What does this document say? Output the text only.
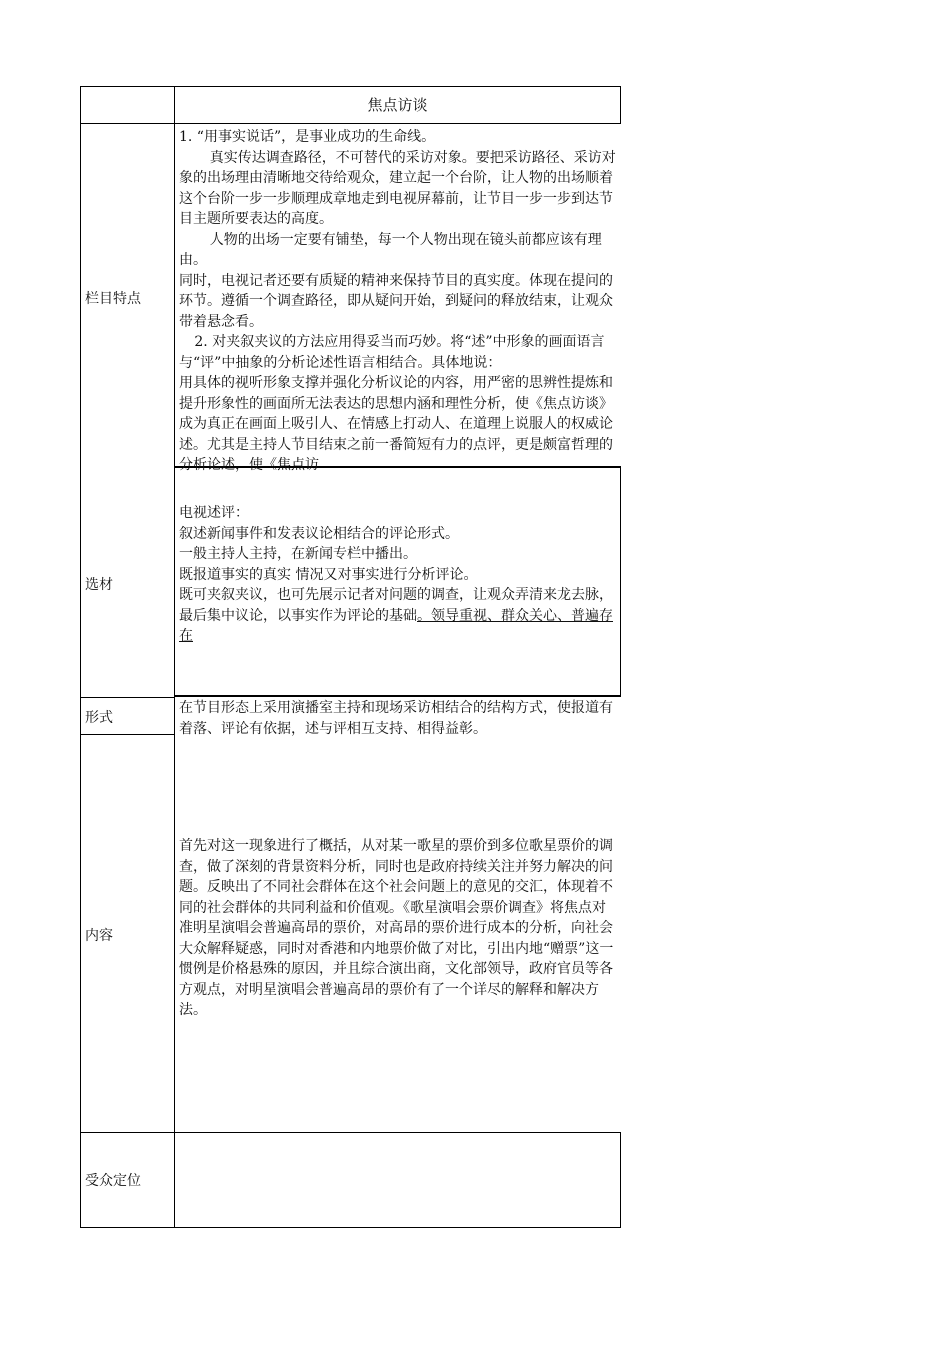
焦点访谈
栏目特点

1. “用事实说话”，是事业成功的生命线。

真实传达调查路径，不可替代的采访对象。要把采访路径、采访对象的出场理由清晰地交待给观众，建立起一个台阶，让人物的出场顺着这个台阶一步一步顺理成章地走到电视屏幕前，让节目一步一步到达节目主题所要表达的高度。

人物的出场一定要有铺垫，每一个人物出现在镜头前都应该有理由。

同时，电视记者还要有质疑的精神来保持节目的真实度。体现在提问的环节。遵循一个调查路径，即从疑问开始，到疑问的释放结束，让观众带着悬念看。

2. 对夹叙夹议的方法应用得妥当而巧妙。将“述”中形象的画面语言与“评”中抽象的分析论述性语言相结合。具体地说：

用具体的视听形象支撑并强化分析议论的内容，用严密的思辨性提炼和提升形象性的画面所无法表达的思想内涵和理性分析，使《焦点访谈》成为真正在画面上吸引人、在情感上打动人、在道理上说服人的权威论述。尤其是主持人节目结束之前一番简短有力的点评，更是颇富哲理的分析论述，使《焦点访

选材

电视述评：

叙述新闻事件和发表议论相结合的评论形式。

一般主持人主持，在新闻专栏中播出。

既报道事实的真实 情况又对事实进行分析评论。

既可夹叙夹议，也可先展示记者对问题的调查，让观众弄清来龙去脉，最后集中议论，以事实作为评论的基础。领导重视、群众关心、普遍存在

形式
在节目形态上采用演播室主持和现场采访相结合的结构方式，使报道有着落、评论有依据，述与评相互支持、相得益彰。
内容
首先对这一现象进行了概括，从对某一歌星的票价到多位歌星票价的调查，做了深刻的背景资料分析，同时也是政府持续关注并努力解决的问题。反映出了不同社会群体在这个社会问题上的意见的交汇，体现着不同的社会群体的共同利益和价值观。《歌星演唱会票价调查》将焦点对准明星演唱会普遍高昂的票价，对高昂的票价进行成本的分析，向社会大众解释疑惑，同时对香港和内地票价做了对比，引出内地“赠票”这一惯例是价格悬殊的原因，并且综合演出商，文化部领导，政府官员等各方观点，对明星演唱会普遍高昂的票价有了一个详尽的解释和解决方法。
受众定位
